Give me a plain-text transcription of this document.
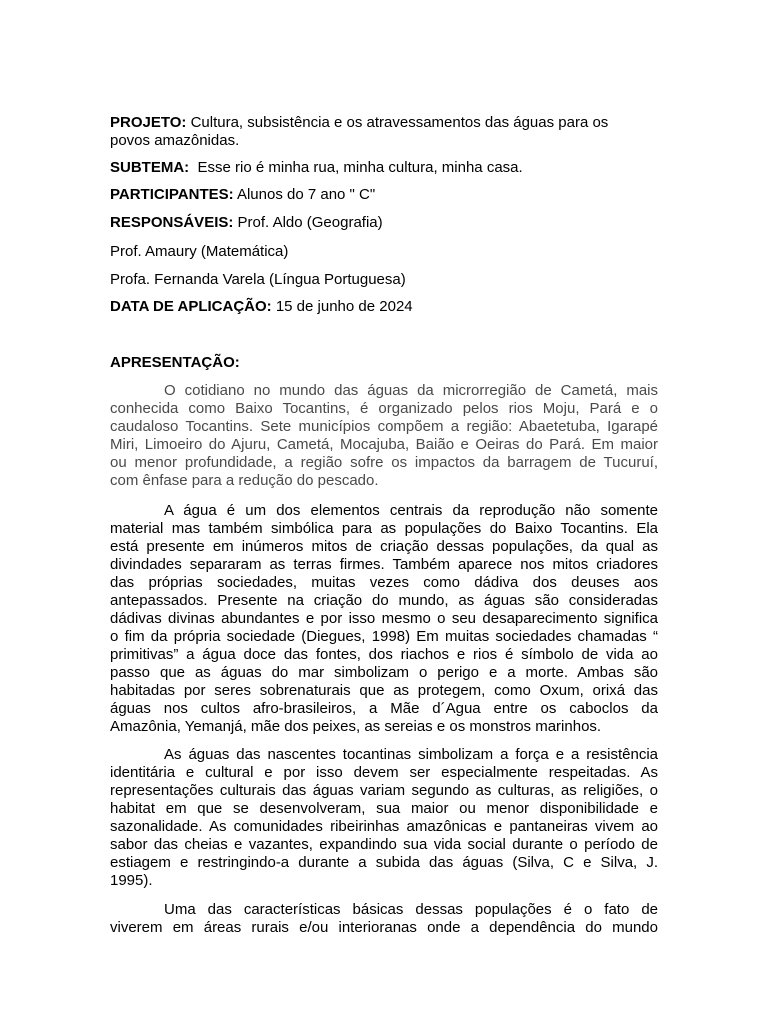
PROJETO: Cultura, subsistência e os atravessamentos das águas para os

povos amazônidas.

SUBTEMA: Esse rio é minha rua, minha cultura, minha casa.

PARTICIPANTES: Alunos do 7 ano " C"

RESPONSÁVEIS: Prof. Aldo (Geografia)

Prof. Amaury (Matemática)

Profa. Fernanda Varela (Língua Portuguesa)

DATA DE APLICAÇÃO: 15 de junho de 2024

APRESENTAÇÃO:

O cotidiano no mundo das águas da microrregião de Cametá, mais
conhecida como Baixo Tocantins, é organizado pelos rios Moju, Pará e o
caudaloso Tocantins. Sete municípios compõem a região: Abaetetuba, Igarapé
Miri, Limoeiro do Ajuru, Cametá, Mocajuba, Baião e Oeiras do Pará. Em maior
ou menor profundidade, a região sofre os impactos da barragem de Tucuruí,
com ênfase para a redução do pescado.
A água é um dos elementos centrais da reprodução não somente
material mas também simbólica para as populações do Baixo Tocantins. Ela
está presente em inúmeros mitos de criação dessas populações, da qual as
divindades separaram as terras firmes. Também aparece nos mitos criadores
das próprias sociedades, muitas vezes como dádiva dos deuses aos
antepassados. Presente na criação do mundo, as águas são consideradas
dádivas divinas abundantes e por isso mesmo o seu desaparecimento significa
o fim da própria sociedade (Diegues, 1998) Em muitas sociedades chamadas “
primitivas” a água doce das fontes, dos riachos e rios é símbolo de vida ao
passo que as águas do mar simbolizam o perigo e a morte. Ambas são
habitadas por seres sobrenaturais que as protegem, como Oxum, orixá das
águas nos cultos afro-brasileiros, a Mãe d´Agua entre os caboclos da
Amazônia, Yemanjá, mãe dos peixes, as sereias e os monstros marinhos.
As águas das nascentes tocantinas simbolizam a força e a resistência
identitária e cultural e por isso devem ser especialmente respeitadas. As
representações culturais das águas variam segundo as culturas, as religiões, o
habitat em que se desenvolveram, sua maior ou menor disponibilidade e
sazonalidade. As comunidades ribeirinhas amazônicas e pantaneiras vivem ao
sabor das cheias e vazantes, expandindo sua vida social durante o período de
estiagem e restringindo-a durante a subida das águas (Silva, C e Silva, J.
1995).
Uma das características básicas dessas populações é o fato de
viverem em áreas rurais e/ou interioranas onde a dependência do mundo
